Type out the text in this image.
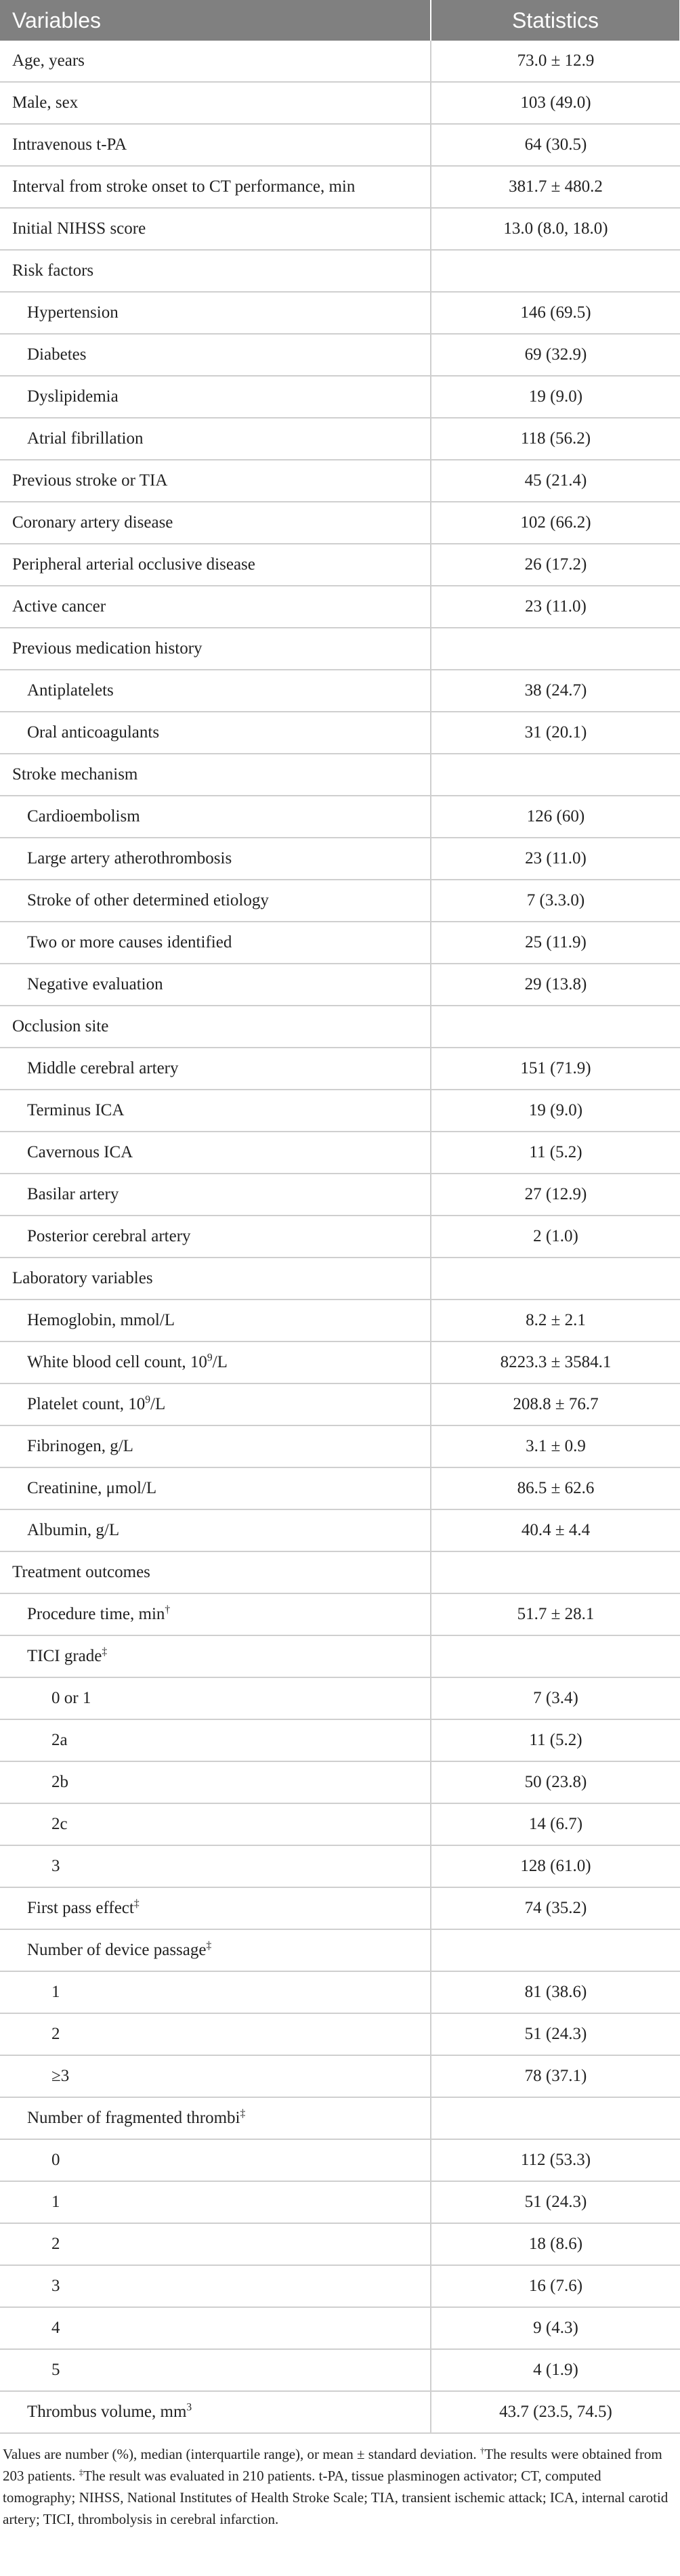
Variables	Statistics
Age, years	73.0 ± 12.9
Male, sex	103 (49.0)
Intravenous t-PA	64 (30.5)
Interval from stroke onset to CT performance, min	381.7 ± 480.2
Initial NIHSS score	13.0 (8.0, 18.0)
Risk factors	
Hypertension	146 (69.5)
Diabetes	69 (32.9)
Dyslipidemia	19 (9.0)
Atrial fibrillation	118 (56.2)
Previous stroke or TIA	45 (21.4)
Coronary artery disease	102 (66.2)
Peripheral arterial occlusive disease	26 (17.2)
Active cancer	23 (11.0)
Previous medication history	
Antiplatelets	38 (24.7)
Oral anticoagulants	31 (20.1)
Stroke mechanism	
Cardioembolism	126 (60)
Large artery atherothrombosis	23 (11.0)
Stroke of other determined etiology	7 (3.3.0)
Two or more causes identified	25 (11.9)
Negative evaluation	29 (13.8)
Occlusion site	
Middle cerebral artery	151 (71.9)
Terminus ICA	19 (9.0)
Cavernous ICA	11 (5.2)
Basilar artery	27 (12.9)
Posterior cerebral artery	2 (1.0)
Laboratory variables	
Hemoglobin, mmol/L	8.2 ± 2.1
White blood cell count, $10^9/L$	8223.3 ± 3584.1
Platelet count, $10^9/L$	208.8 ± 76.7
Fibrinogen, g/L	3.1 ± 0.9
Creatinine, μmol/L	86.5 ± 62.6
Albumin, g/L	40.4 ± 4.4
Treatment outcomes	
Procedure time, min†	51.7 ± 28.1
TICI grade‡	
0 or 1	7 (3.4)
2a	11 (5.2)
2b	50 (23.8)
2c	14 (6.7)
3	128 (61.0)
First pass effect‡	74 (35.2)
Number of device passage‡	
1	81 (38.6)
2	51 (24.3)
≥3	78 (37.1)
Number of fragmented thrombi‡	
0	112 (53.3)
1	51 (24.3)
2	18 (8.6)
3	16 (7.6)
4	9 (4.3)
5	4 (1.9)
Thrombus volume, $mm^3$	43.7 (23.5, 74.5)
Values are number (%), median (interquartile range), or mean ± standard deviation. †The results were obtained from 203 patients. ‡The result was evaluated in 210 patients. t-PA, tissue plasminogen activator; CT, computed tomography; NIHSS, National Institutes of Health Stroke Scale; TIA, transient ischemic attack; ICA, internal carotid artery; TICI, thrombolysis in cerebral infarction.
